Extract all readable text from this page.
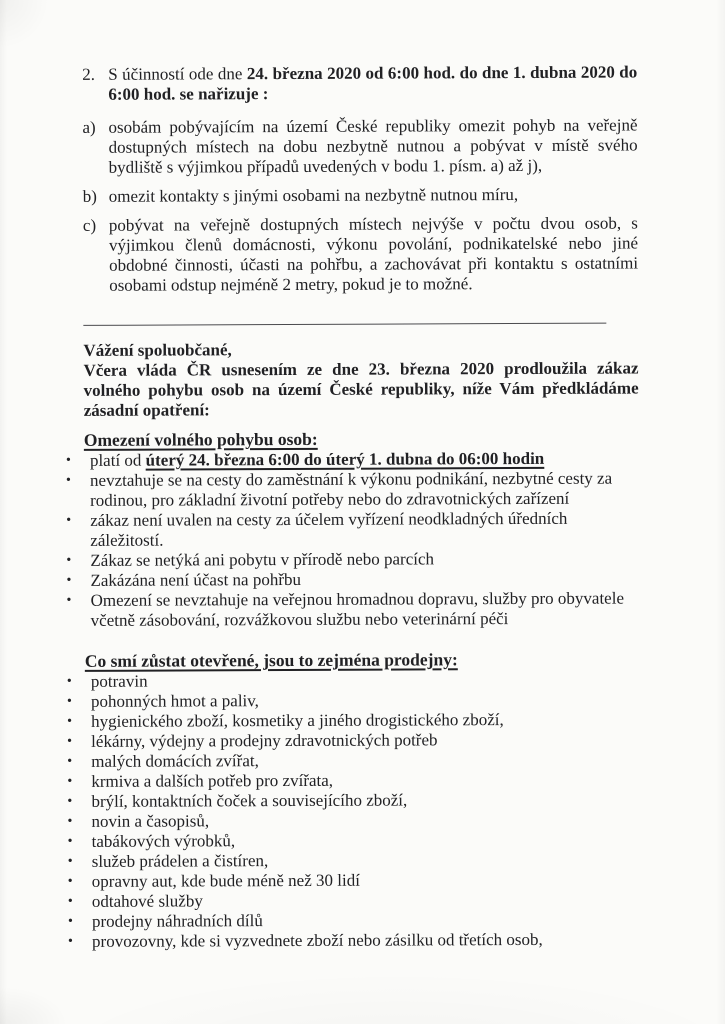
2. S účinností ode dne 24. března 2020 od 6:00 hod. do dne 1. dubna 2020 do 6:00 hod. se nařizuje :

a) osobám pobývajícím na území České republiky omezit pohyb na veřejně dostupných místech na dobu nezbytně nutnou a pobývat v místě svého bydliště s výjimkou případů uvedených v bodu 1. písm. a) až j),

b) omezit kontakty s jinými osobami na nezbytně nutnou míru,

c) pobývat na veřejně dostupných místech nejvýše v počtu dvou osob, s výjimkou členů domácnosti, výkonu povolání, podnikatelské nebo jiné obdobné činnosti, účasti na pohřbu, a zachovávat při kontaktu s ostatními osobami odstup nejméně 2 metry, pokud je to možné.

Vážení spoluobčané,

Včera vláda ČR usnesením ze dne 23. března 2020 prodloužila zákaz volného pohybu osob na území České republiky, níže Vám předkládáme zásadní opatření:

Omezení volného pohybu osob:

•	platí od úterý 24. března 6:00 do úterý 1. dubna do 06:00 hodin
•	nevztahuje se na cesty do zaměstnání k výkonu podnikání, nezbytné cesty za rodinou, pro základní životní potřeby nebo do zdravotnických zařízení
•	zákaz není uvalen na cesty za účelem vyřízení neodkladných úředních záležitostí.
•	Zákaz se netýká ani pobytu v přírodě nebo parcích
•	Zakázána není účast na pohřbu
•	Omezení se nevztahuje na veřejnou hromadnou dopravu, služby pro obyvatele včetně zásobování, rozvážkovou službu nebo veterinární péči

Co smí zůstat otevřené, jsou to zejména prodejny:

•	potravin
•	pohonných hmot a paliv,
•	hygienického zboží, kosmetiky a jiného drogistického zboží,
•	lékárny, výdejny a prodejny zdravotnických potřeb
•	malých domácích zvířat,
•	krmiva a dalších potřeb pro zvířata,
•	brýlí, kontaktních čoček a souvisejícího zboží,
•	novin a časopisů,
•	tabákových výrobků,
•	služeb prádelen a čistíren,
•	opravny aut, kde bude méně než 30 lidí
•	odtahové služby
•	prodejny náhradních dílů
•	provozovny, kde si vyzvednete zboží nebo zásilku od třetích osob,
